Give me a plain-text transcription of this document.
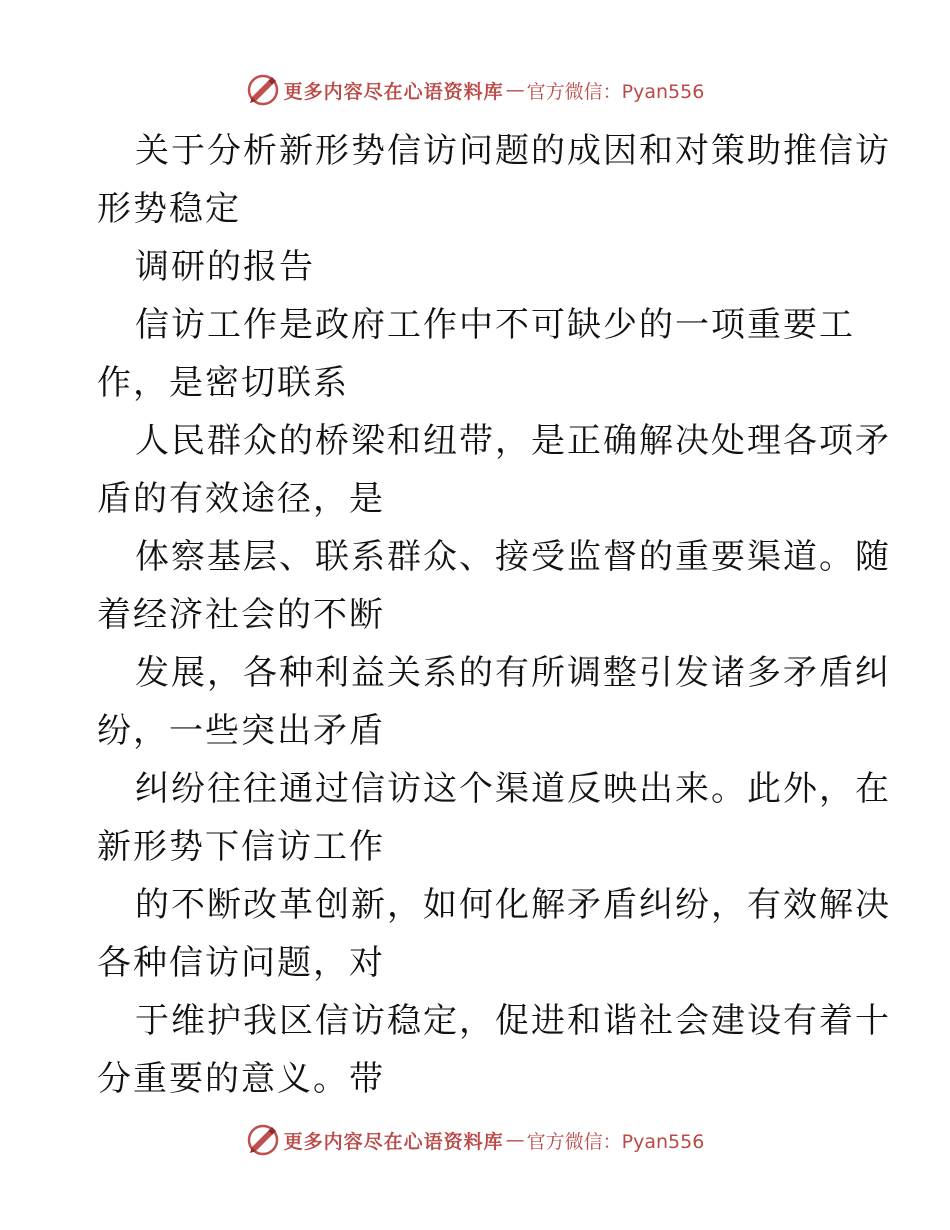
更多内容尽在心语资料库 — 官方微信：Pyan556
关于分析新形势信访问题的成因和对策助推信访
形势稳定
调研的报告
信访工作是政府工作中不可缺少的一项重要工
作，是密切联系
人民群众的桥梁和纽带，是正确解决处理各项矛
盾的有效途径，是
体察基层、联系群众、接受监督的重要渠道。随
着经济社会的不断
发展，各种利益关系的有所调整引发诸多矛盾纠
纷，一些突出矛盾
纠纷往往通过信访这个渠道反映出来。此外，在
新形势下信访工作
的不断改革创新，如何化解矛盾纠纷，有效解决
各种信访问题，对
于维护我区信访稳定，促进和谐社会建设有着十
分重要的意义。带
更多内容尽在心语资料库 — 官方微信：Pyan556
